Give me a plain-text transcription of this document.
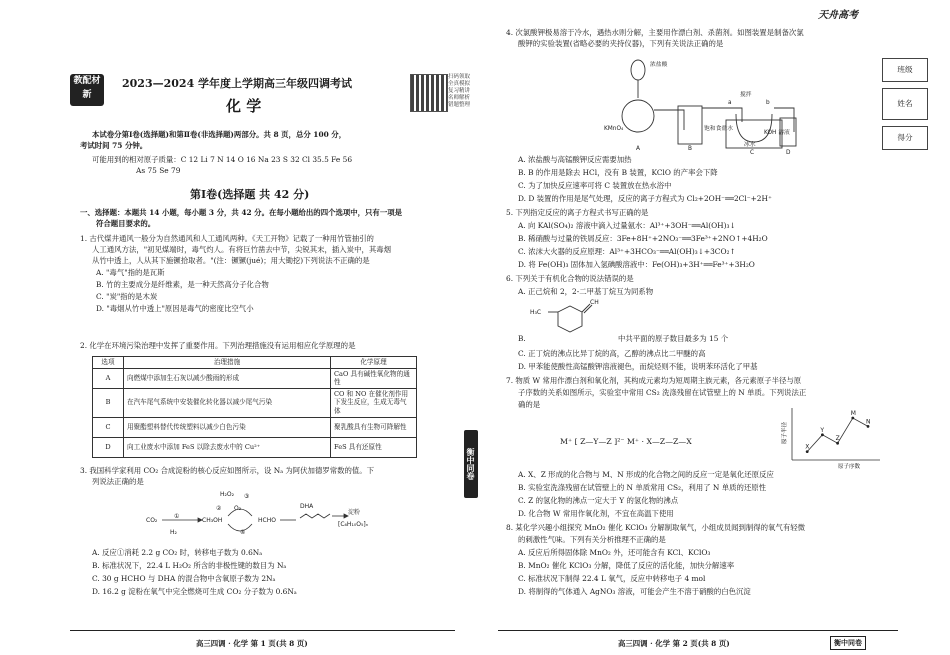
教配材新
2023—2024 学年度上学期高三年级四调考试
化 学
扫码领取
全真模拟
复习精讲
名师解析
错题整理
本试卷分第Ⅰ卷(选择题)和第Ⅱ卷(非选择题)两部分。共 8 页，总分 100 分，
考试时间 75 分钟。
可能用到的相对原子质量：C 12 Li 7 N 14 O 16 Na 23 S 32 Cl 35.5 Fe 56
As 75 Se 79
第Ⅰ卷(选择题 共 42 分)
一、选择题：本题共 14 小题，每小题 3 分，共 42 分。在每小题给出的四个选项中，只有一项是
符合题目要求的。
1. 古代煤井通风一般分为自然通风和人工通风两种。《天工开物》记载了一种用竹管抽引的
人工通风方法，"初见煤端时，毒气灼人。有将巨竹凿去中节，尖锐其末，插入炭中，其毒烟
从竹中透上，人从其下施镢拾取者。"(注：镢镢(jué)；用大锄挖)下列说法不正确的是
A. "毒气"指的是瓦斯
B. 竹的主要成分是纤维素，是一种天然高分子化合物
C. "炭"指的是木炭
D. "毒烟从竹中透上"原因是毒气的密度比空气小
2. 化学在环境污染治理中发挥了重要作用。下列治理措施没有运用相应化学原理的是
选项	治理措施	化学原理
A	向燃煤中添加生石灰以减少酸雨的形成	CaO 具有碱性氧化物的通性
B	在汽车尾气系统中安装催化转化器以减少尾气污染	CO 和 NO 在催化剂作用下发生反应，生成无毒气体
C	用聚酯塑料替代传统塑料以减少白色污染	聚乳酸具有生物可降解性
D	向工业废水中添加 FeS 以除去废水中的 Cu²⁺	FeS 具有还原性
3. 我国科学家利用 CO₂ 合成淀粉的核心反应如图所示，设 Nₐ 为阿伏加德罗常数的值。下
列说法正确的是
CO₂
H₂
CH₃OH
H₂O₂
O₂
HCHO
DHA
淀粉
[C₆H₁₀O₅]ₙ
①
②
③
④
A. 反应①消耗 2.2 g CO₂ 时，转移电子数为 0.6Nₐ
B. 标准状况下，22.4 L H₂O₂ 所含的非极性键的数目为 Nₐ
C. 30 g HCHO 与 DHA 的混合物中含氧原子数为 2Nₐ
D. 16.2 g 淀粉在氧气中完全燃烧可生成 CO₂ 分子数为 0.6Nₐ
高三四调 · 化学 第 1 页(共 8 页)
衡中同卷
天舟高考
4. 次氯酸钾极易溶于冷水，遇热水则分解，主要用作漂白剂、杀菌剂。如图装置是制备次氯
酸钾的实验装置(省略必要的夹持仪器)，下列有关说法正确的是
浓盐酸
KMnO₄	饱和食盐水
冰水
搅拌
KOH 溶液
A	B
C	D
a	b
A. 浓盐酸与高锰酸钾反应需要加热
B. B 的作用是除去 HCl，没有 B 装置，KClO 的产率会下降
C. 为了加快反应速率可将 C 装置放在热水浴中
D. D 装置的作用是尾气处理，反应的离子方程式为 Cl₂+2OH⁻══2Cl⁻+2H⁺
5. 下列指定反应的离子方程式书写正确的是
A. 向 KAl(SO₄)₂ 溶液中滴入过量氨水：Al³⁺+3OH⁻══Al(OH)₃↓
B. 稀硝酸与过量的铁屑反应：3Fe+8H⁺+2NO₃⁻══3Fe³⁺+2NO↑+4H₂O
C. 浓沫大火器的反应原理：Al³⁺+3HCO₃⁻══Al(OH)₃↓+3CO₂↑
D. 将 Fe(OH)₃ 固体加入氢碘酸溶液中：Fe(OH)₃+3H⁺══Fe³⁺+3H₂O
6. 下列关于有机化合物的说法错误的是
A. 正己烷和 2，2-二甲基丁烷互为同系物
H₃C
CH
B.	中共平面的原子数目最多为 15 个
C. 正丁烷的沸点比异丁烷的高，乙醇的沸点比二甲醚的高
D. 甲苯能使酸性高锰酸钾溶液褪色，而烷烃则不能，说明苯环活化了甲基
7. 物质 W 常用作漂白剂和氧化剂，其构成元素均为短周期主族元素，各元素原子半径与原
子序数的关系如图所示，实验室中常用 CS₂ 洗涤残留在试管壁上的 N 单质。下列说法正
确的是
M⁺ [ Z—Y—Z ]²⁻ M⁺ · X—Z—Z—X
X
Y
Z
M
N
原子半径
原子序数
A. X、Z 形成的化合物与 M、N 形成的化合物之间的反应一定是氧化还原反应
B. 实验室洗涤残留在试管壁上的 N 单质常用 CS₂，利用了 N 单质的还原性
C. Z 的氢化物的沸点一定大于 Y 的氢化物的沸点
D. 化合物 W 常用作氧化剂，不宜在高温下使用
8. 某化学兴趣小组探究 MnO₂ 催化 KClO₃ 分解制取氧气，小组成员闻到制得的氧气有轻微
的刺激性气味。下列有关分析推理不正确的是
A. 反应后所得固体除 MnO₂ 外，还可能含有 KCl、KClO₃
B. MnO₂ 催化 KClO₃ 分解，降低了反应的活化能，加快分解速率
C. 标准状况下制得 22.4 L 氧气，反应中转移电子 4 mol
D. 将制得的气体通入 AgNO₃ 溶液，可能会产生不溶于硝酸的白色沉淀
高三四调 · 化学 第 2 页(共 8 页)	衡中同卷
班级
姓名
得分
